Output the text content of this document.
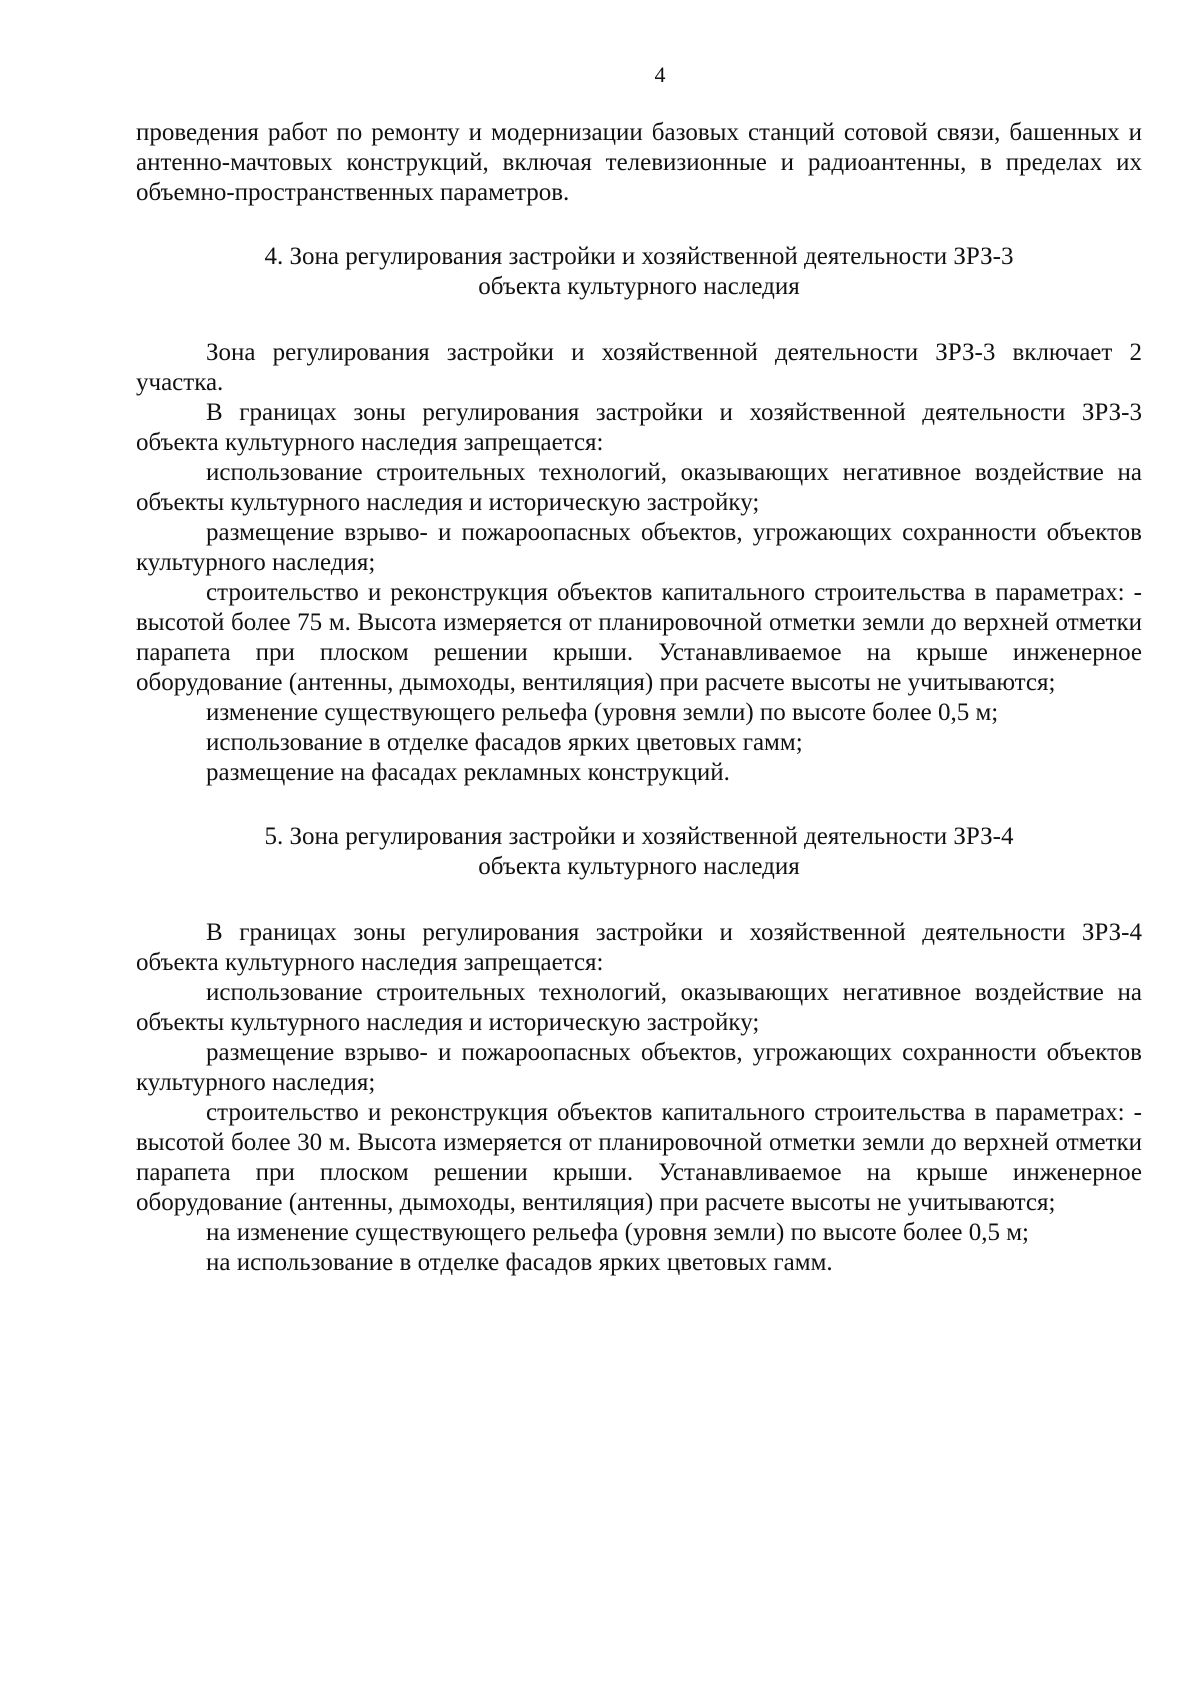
4

проведения работ по ремонту и модернизации базовых станций сотовой связи, башенных и антенно-мачтовых конструкций, включая телевизионные и радиоантенны, в пределах их объемно-пространственных параметров.

4. Зона регулирования застройки и хозяйственной деятельности ЗРЗ-3
объекта культурного наследия

Зона регулирования застройки и хозяйственной деятельности ЗРЗ-3 включает 2 участка.

В границах зоны регулирования застройки и хозяйственной деятельности ЗРЗ-3 объекта культурного наследия запрещается:

использование строительных технологий, оказывающих негативное воздействие на объекты культурного наследия и историческую застройку;

размещение взрыво- и пожароопасных объектов, угрожающих сохранности объектов культурного наследия;

строительство и реконструкция объектов капитального строительства в параметрах: - высотой более 75 м. Высота измеряется от планировочной отметки земли до верхней отметки парапета при плоском решении крыши. Устанавливаемое на крыше инженерное оборудование (антенны, дымоходы, вентиляция) при расчете высоты не учитываются;

изменение существующего рельефа (уровня земли) по высоте более 0,5 м;

использование в отделке фасадов ярких цветовых гамм;

размещение на фасадах рекламных конструкций.

5. Зона регулирования застройки и хозяйственной деятельности ЗРЗ-4
объекта культурного наследия

В границах зоны регулирования застройки и хозяйственной деятельности ЗРЗ-4 объекта культурного наследия запрещается:

использование строительных технологий, оказывающих негативное воздействие на объекты культурного наследия и историческую застройку;

размещение взрыво- и пожароопасных объектов, угрожающих сохранности объектов культурного наследия;

строительство и реконструкция объектов капитального строительства в параметрах: - высотой более 30 м. Высота измеряется от планировочной отметки земли до верхней отметки парапета при плоском решении крыши. Устанавливаемое на крыше инженерное оборудование (антенны, дымоходы, вентиляция) при расчете высоты не учитываются;

на изменение существующего рельефа (уровня земли) по высоте более 0,5 м;

на использование в отделке фасадов ярких цветовых гамм.
